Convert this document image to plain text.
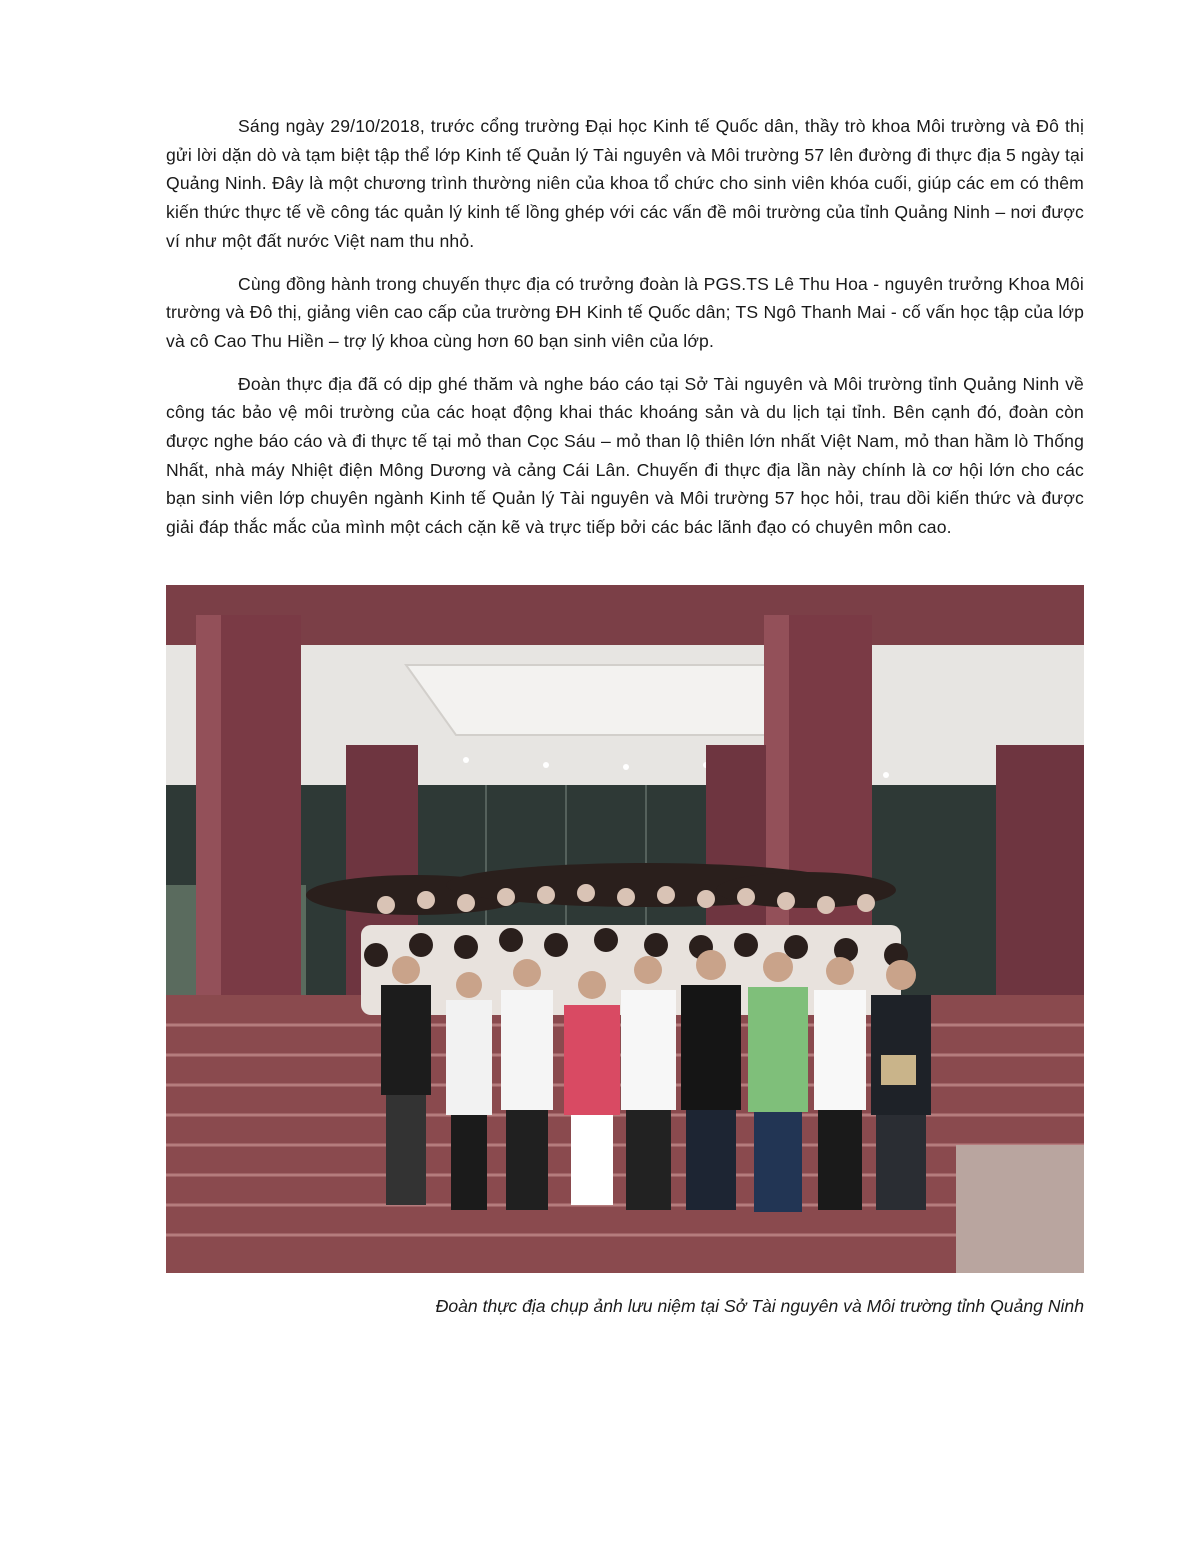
Sáng ngày 29/10/2018, trước cổng trường Đại học Kinh tế Quốc dân, thầy trò khoa Môi trường và Đô thị gửi lời dặn dò và tạm biệt tập thể lớp Kinh tế Quản lý Tài nguyên và Môi trường 57 lên đường đi thực địa 5 ngày tại Quảng Ninh. Đây là một chương trình thường niên của khoa tổ chức cho sinh viên khóa cuối, giúp các em có thêm kiến thức thực tế về công tác quản lý kinh tế lồng ghép với các vấn đề môi trường của tỉnh Quảng Ninh – nơi được ví như một đất nước Việt nam thu nhỏ.

Cùng đồng hành trong chuyến thực địa có trưởng đoàn là PGS.TS Lê Thu Hoa - nguyên trưởng Khoa Môi trường và Đô thị, giảng viên cao cấp của trường ĐH Kinh tế Quốc dân; TS Ngô Thanh Mai - cố vấn học tập của lớp và cô Cao Thu Hiền – trợ lý khoa cùng hơn 60 bạn sinh viên của lớp.

Đoàn thực địa đã có dịp ghé thăm và nghe báo cáo tại Sở Tài nguyên và Môi trường tỉnh Quảng Ninh về công tác bảo vệ môi trường của các hoạt động khai thác khoáng sản và du lịch tại tỉnh. Bên cạnh đó, đoàn còn được nghe báo cáo và đi thực tế tại mỏ than Cọc Sáu – mỏ than lộ thiên lớn nhất Việt Nam, mỏ than hầm lò Thống Nhất, nhà máy Nhiệt điện Mông Dương và cảng Cái Lân. Chuyến đi thực địa lần này chính là cơ hội lớn cho các bạn sinh viên lớp chuyên ngành Kinh tế Quản lý Tài nguyên và Môi trường 57 học hỏi, trau dồi kiến thức và được giải đáp thắc mắc của mình một cách cặn kẽ và trực tiếp bởi các bác lãnh đạo có chuyên môn cao.

Đoàn thực địa chụp ảnh lưu niệm tại Sở Tài nguyên và Môi trường tỉnh Quảng Ninh
